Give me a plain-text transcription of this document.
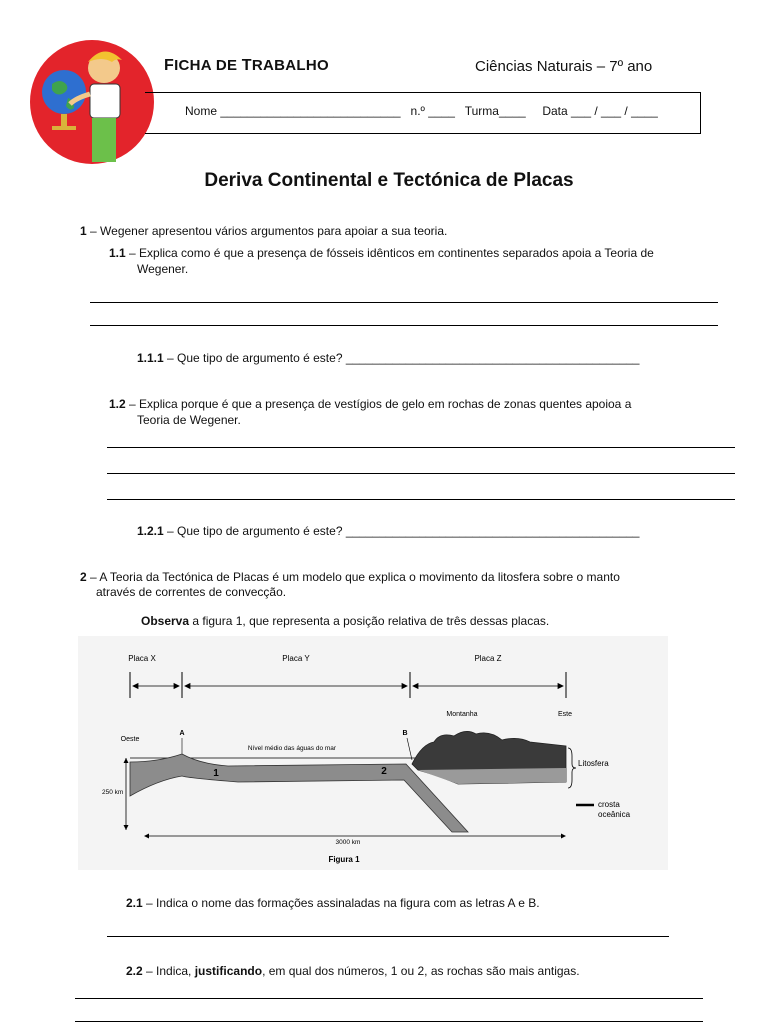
FICHA DE TRABALHO	Ciências Naturais – 7º ano
Nome ___________________________   n.º ____   Turma____     Data ___ / ___ / ____
Deriva Continental e Tectónica de Placas
1 – Wegener apresentou vários argumentos para apoiar a sua teoria.
1.1 – Explica como é que a presença de fósseis idênticos em continentes separados apoia a Teoria de
Wegener.
1.1.1 – Que tipo de argumento é este? ____________________________________________
1.2 – Explica porque é que a presença de vestígios de gelo em rochas de zonas quentes apoioa a
Teoria de Wegener.
1.2.1 – Que tipo de argumento é este? ____________________________________________
2 – A Teoria da Tectónica de Placas é um modelo que explica o movimento da litosfera sobre o manto
através de correntes de convecção.
Observa a figura 1, que representa a posição relativa de três dessas placas.
Placa X	Placa Y	Placa Z
Montanha	Este
Oeste
A	B
Nível médio das águas do mar
1	2
Litosfera
250 km
crosta
oceânica
3000 km
Figura 1
2.1 – Indica o nome das formações assinaladas na figura com as letras A e B.
2.2 – Indica, justificando, em qual dos números, 1 ou 2, as rochas são mais antigas.
